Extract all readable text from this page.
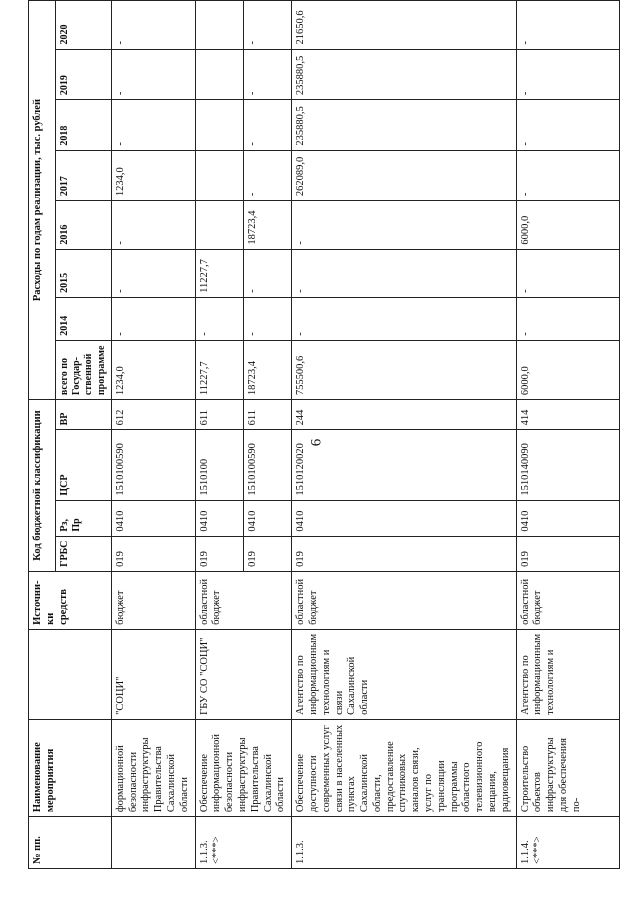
6
№ пп.	Наименование мероприятия		Источни-ки средств	Код бюджетной классификации				Расходы по годам реализации, тыс. рублей							
				ГРБС	Рз, Пр	ЦСР	ВР	всего по Государ-ственной программе	2014	2015	2016	2017	2018	2019	2020
	формационной безопасности инфраструктуры Правительства Сахалинской области	"СОЦИ"	бюджет	019	0410	1510100590	612	1234,0	-	-	-	1234,0	-	-	-
1.1.3. <***>	Обеспечение информационной безопасности инфраструктуры Правительства Сахалинской области	ГБУ СО "СОЦИ"	областной бюджет	019	0410	1510100	611	11227,7	-	11227,7					
				019	0410	1510100590	611	18723,4	-	-	18723,4	-	-	-	-
1.1.3.	Обеспечение доступности современных услуг связи в населенных пунктах Сахалинской области, предоставление спутниковых каналов связи, услуг по трансляции программы областного телевизионного вещания, радиовещания	Агентство по информационным технологиям и связи Сахалинской области	областной бюджет	019	0410	1510120020	244	755500,6	-	-	-	262089,0	235880,5	235880,5	21650,6
1.1.4. <***>	Строительство объектов инфраструктуры для обеспечения по-	Агентство по информационным технологиям и	областной бюджет	019	0410	1510140090	414	6000,0	-	-	6000,0	-	-	-	-
